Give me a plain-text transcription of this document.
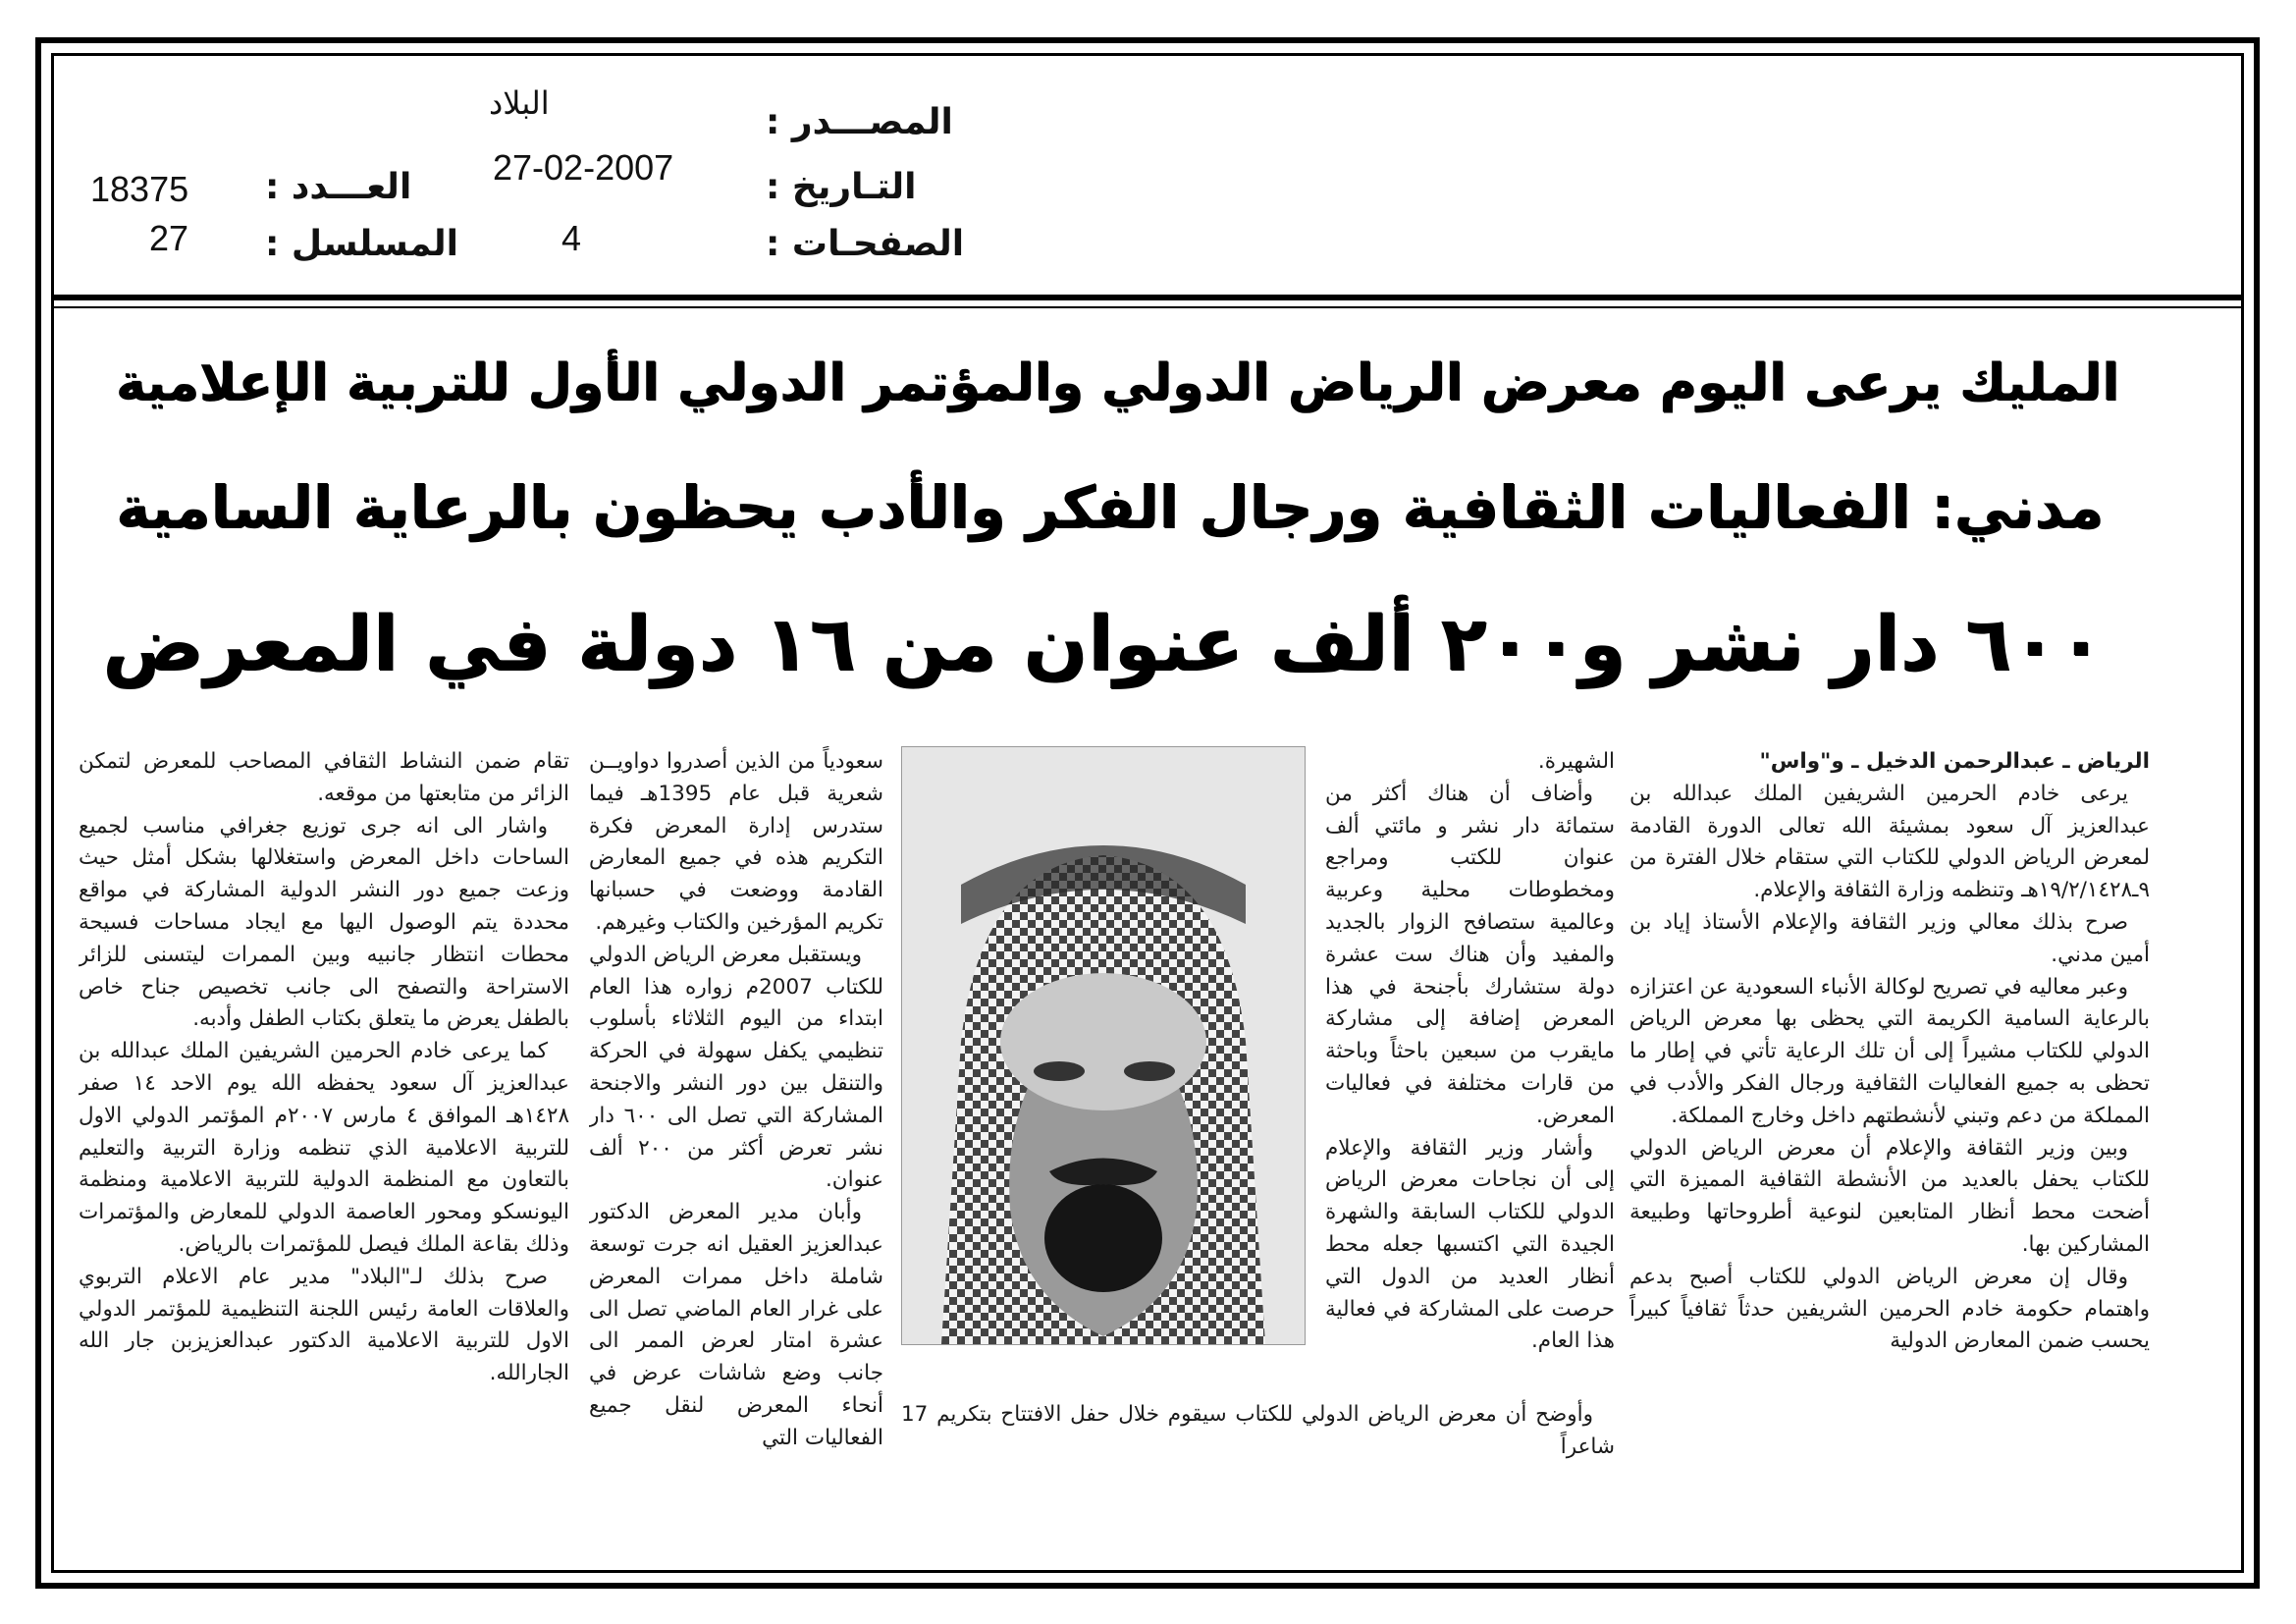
البلاد	المصـــدر :
27-02-2007	التـاريخ :
4	الصفحـات :
18375 العـــدد :
27 المسلسل :
المليك يرعى اليوم معرض الرياض الدولي والمؤتمر الدولي الأول للتربية الإعلامية
مدني: الفعاليات الثقافية ورجال الفكر والأدب يحظون بالرعاية السامية
٦٠٠ دار نشر و٢٠٠ ألف عنوان من ١٦ دولة في المعرض

الرياض ـ عبدالرحمن الدخيل ـ و"واس"

يرعى خادم الحرمين الشريفين الملك عبدالله بن عبدالعزيز آل سعود بمشيئة الله تعالى الدورة القادمة لمعرض الرياض الدولي للكتاب التي ستقام خلال الفترة من ٩ـ١٩/٢/١٤٢٨هـ وتنظمه وزارة الثقافة والإعلام.

صرح بذلك معالي وزير الثقافة والإعلام الأستاذ إياد بن أمين مدني.

وعبر معاليه في تصريح لوكالة الأنباء السعودية عن اعتزازه بالرعاية السامية الكريمة التي يحظى بها معرض الرياض الدولي للكتاب مشيراً إلى أن تلك الرعاية تأتي في إطار ما تحظى به جميع الفعاليات الثقافية ورجال الفكر والأدب في المملكة من دعم وتبني لأنشطتهم داخل وخارج المملكة.

وبين وزير الثقافة والإعلام أن معرض الرياض الدولي للكتاب يحفل بالعديد من الأنشطة الثقافية المميزة التي أضحت محط أنظار المتابعين لنوعية أطروحاتها وطبيعة المشاركين بها.

وقال إن معرض الرياض الدولي للكتاب أصبح بدعم واهتمام حكومة خادم الحرمين الشريفين حدثاً ثقافياً كبيراً يحسب ضمن المعارض الدولية

الشهيرة.

وأضاف أن هناك أكثر من ستمائة دار نشر و مائتي ألف عنوان للكتب ومراجع ومخطوطات محلية وعربية وعالمية ستصافح الزوار بالجديد والمفيد وأن هناك ست عشرة دولة ستشارك بأجنحة في هذا المعرض إضافة إلى مشاركة مايقرب من سبعين باحثاً وباحثة من قارات مختلفة في فعاليات المعرض.

وأشار وزير الثقافة والإعلام إلى أن نجاحات معرض الرياض الدولي للكتاب السابقة والشهرة الجيدة التي اكتسبها جعله محط أنظار العديد من الدول التي حرصت على المشاركة في فعالية هذا العام.

وأوضح أن معرض الرياض الدولي للكتاب سيقوم خلال حفل الافتتاح بتكريم 17 شاعراً

سعودياً من الذين أصدروا دواويــن شعرية قبل عام 1395هـ فيما ستدرس إدارة المعرض فكرة التكريم هذه في جميع المعارض القادمة ووضعت في حسبانها تكريم المؤرخين والكتاب وغيرهم.

ويستقبل معرض الرياض الدولي للكتاب 2007م زواره هذا العام ابتداء من اليوم الثلاثاء بأسلوب تنظيمي يكفل سهولة في الحركة والتنقل بين دور النشر والاجنحة المشاركة التي تصل الى ٦٠٠ دار نشر تعرض أكثر من ٢٠٠ ألف عنوان.

وأبان مدير المعرض الدكتور عبدالعزيز العقيل انه جرت توسعة شاملة داخل ممرات المعرض على غرار العام الماضي تصل الى عشرة امتار لعرض الممر الى جانب وضع شاشات عرض في أنحاء المعرض لنقل جميع الفعاليات التي

تقام ضمن النشاط الثقافي المصاحب للمعرض لتمكن الزائر من متابعتها من موقعه.

واشار الى انه جرى توزيع جغرافي مناسب لجميع الساحات داخل المعرض واستغلالها بشكل أمثل حيث وزعت جميع دور النشر الدولية المشاركة في مواقع محددة يتم الوصول اليها مع ايجاد مساحات فسيحة محطات انتظار جانبيه وبين الممرات ليتسنى للزائر الاستراحة والتصفح الى جانب تخصيص جناح خاص بالطفل يعرض ما يتعلق بكتاب الطفل وأدبه.

كما يرعى خادم الحرمين الشريفين الملك عبدالله بن عبدالعزيز آل سعود يحفظه الله يوم الاحد ١٤ صفر ١٤٢٨هـ الموافق ٤ مارس ٢٠٠٧م المؤتمر الدولي الاول للتربية الاعلامية الذي تنظمه وزارة التربية والتعليم بالتعاون مع المنظمة الدولية للتربية الاعلامية ومنظمة اليونسكو ومحور العاصمة الدولي للمعارض والمؤتمرات وذلك بقاعة الملك فيصل للمؤتمرات بالرياض.

صرح بذلك لـ"البلاد" مدير عام الاعلام التربوي والعلاقات العامة رئيس اللجنة التنظيمية للمؤتمر الدولي الاول للتربية الاعلامية الدكتور عبدالعزيزبن جار الله الجارالله.
